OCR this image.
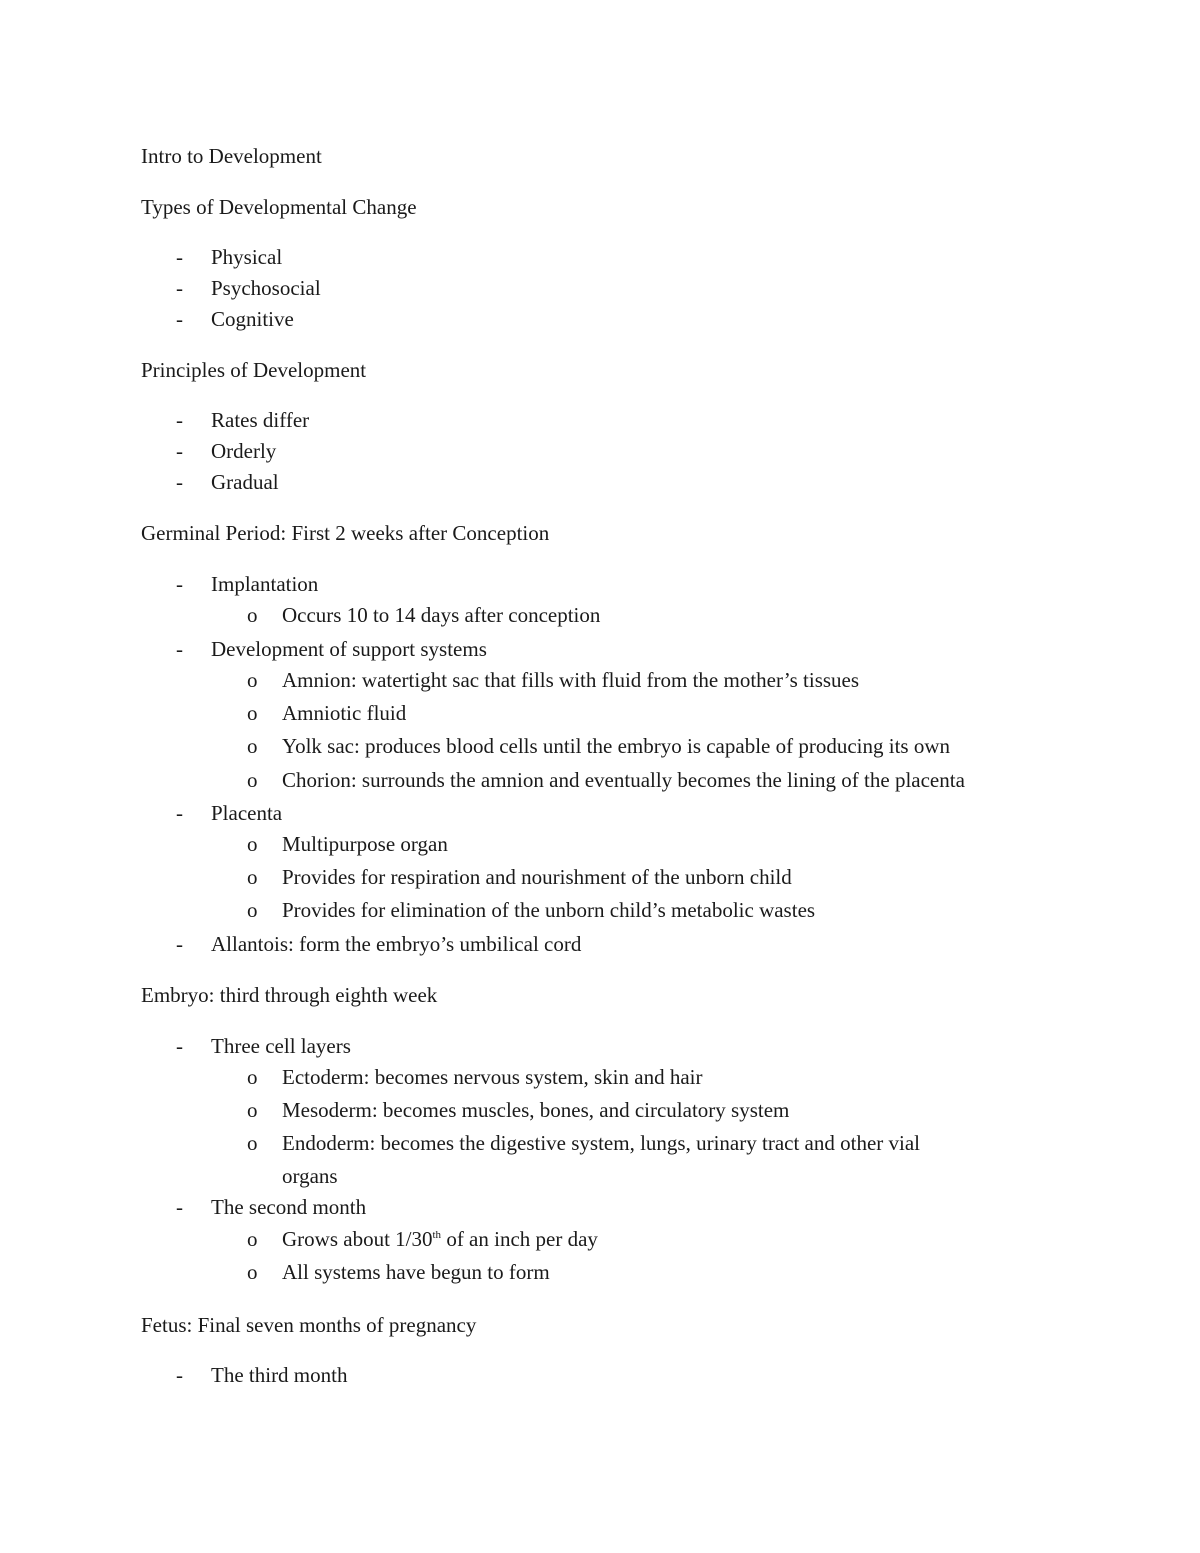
Intro to Development
Types of Developmental Change
- Physical
- Psychosocial
- Cognitive
Principles of Development
- Rates differ
- Orderly
- Gradual
Germinal Period: First 2 weeks after Conception
- Implantation
o Occurs 10 to 14 days after conception
- Development of support systems
o Amnion: watertight sac that fills with fluid from the mother’s tissues
o Amniotic fluid
o Yolk sac: produces blood cells until the embryo is capable of producing its own
o Chorion: surrounds the amnion and eventually becomes the lining of the placenta
- Placenta
o Multipurpose organ
o Provides for respiration and nourishment of the unborn child
o Provides for elimination of the unborn child’s metabolic wastes
- Allantois: form the embryo’s umbilical cord
Embryo: third through eighth week
- Three cell layers
o Ectoderm: becomes nervous system, skin and hair
o Mesoderm: becomes muscles, bones, and circulatory system
o Endoderm: becomes the digestive system, lungs, urinary tract and other vial
organs
- The second month
o Grows about 1/30th of an inch per day
o All systems have begun to form
Fetus: Final seven months of pregnancy
- The third month
